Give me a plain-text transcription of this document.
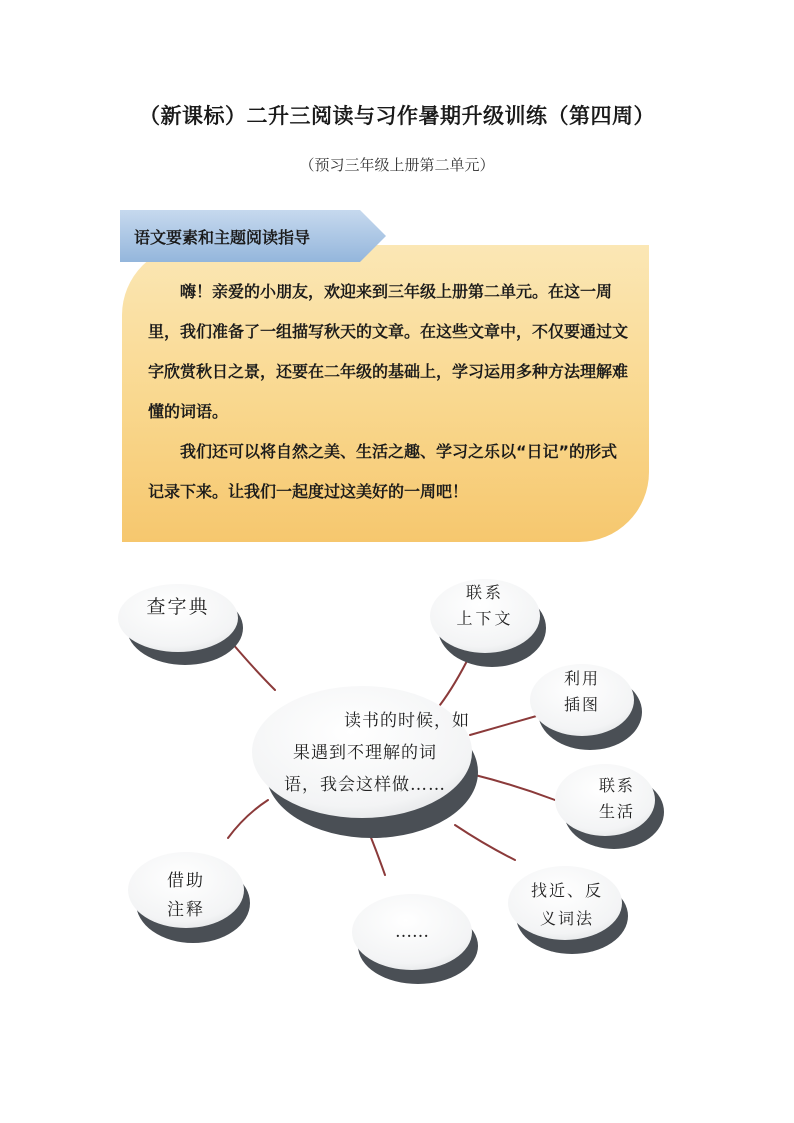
（新课标）二升三阅读与习作暑期升级训练（第四周）
（预习三年级上册第二单元）
语文要素和主题阅读指导

嗨！亲爱的小朋友，欢迎来到三年级上册第二单元。在这一周里，我们准备了一组描写秋天的文章。在这些文章中，不仅要通过文字欣赏秋日之景，还要在二年级的基础上，学习运用多种方法理解难懂的词语。

我们还可以将自然之美、生活之趣、学习之乐以“日记”的形式记录下来。让我们一起度过这美好的一周吧！

查字典
联系
上下文
利用
插图
联系
生活
找近、反
义词法
……
借助
注释
读书的时候，如
果遇到不理解的词
语，我会这样做……
